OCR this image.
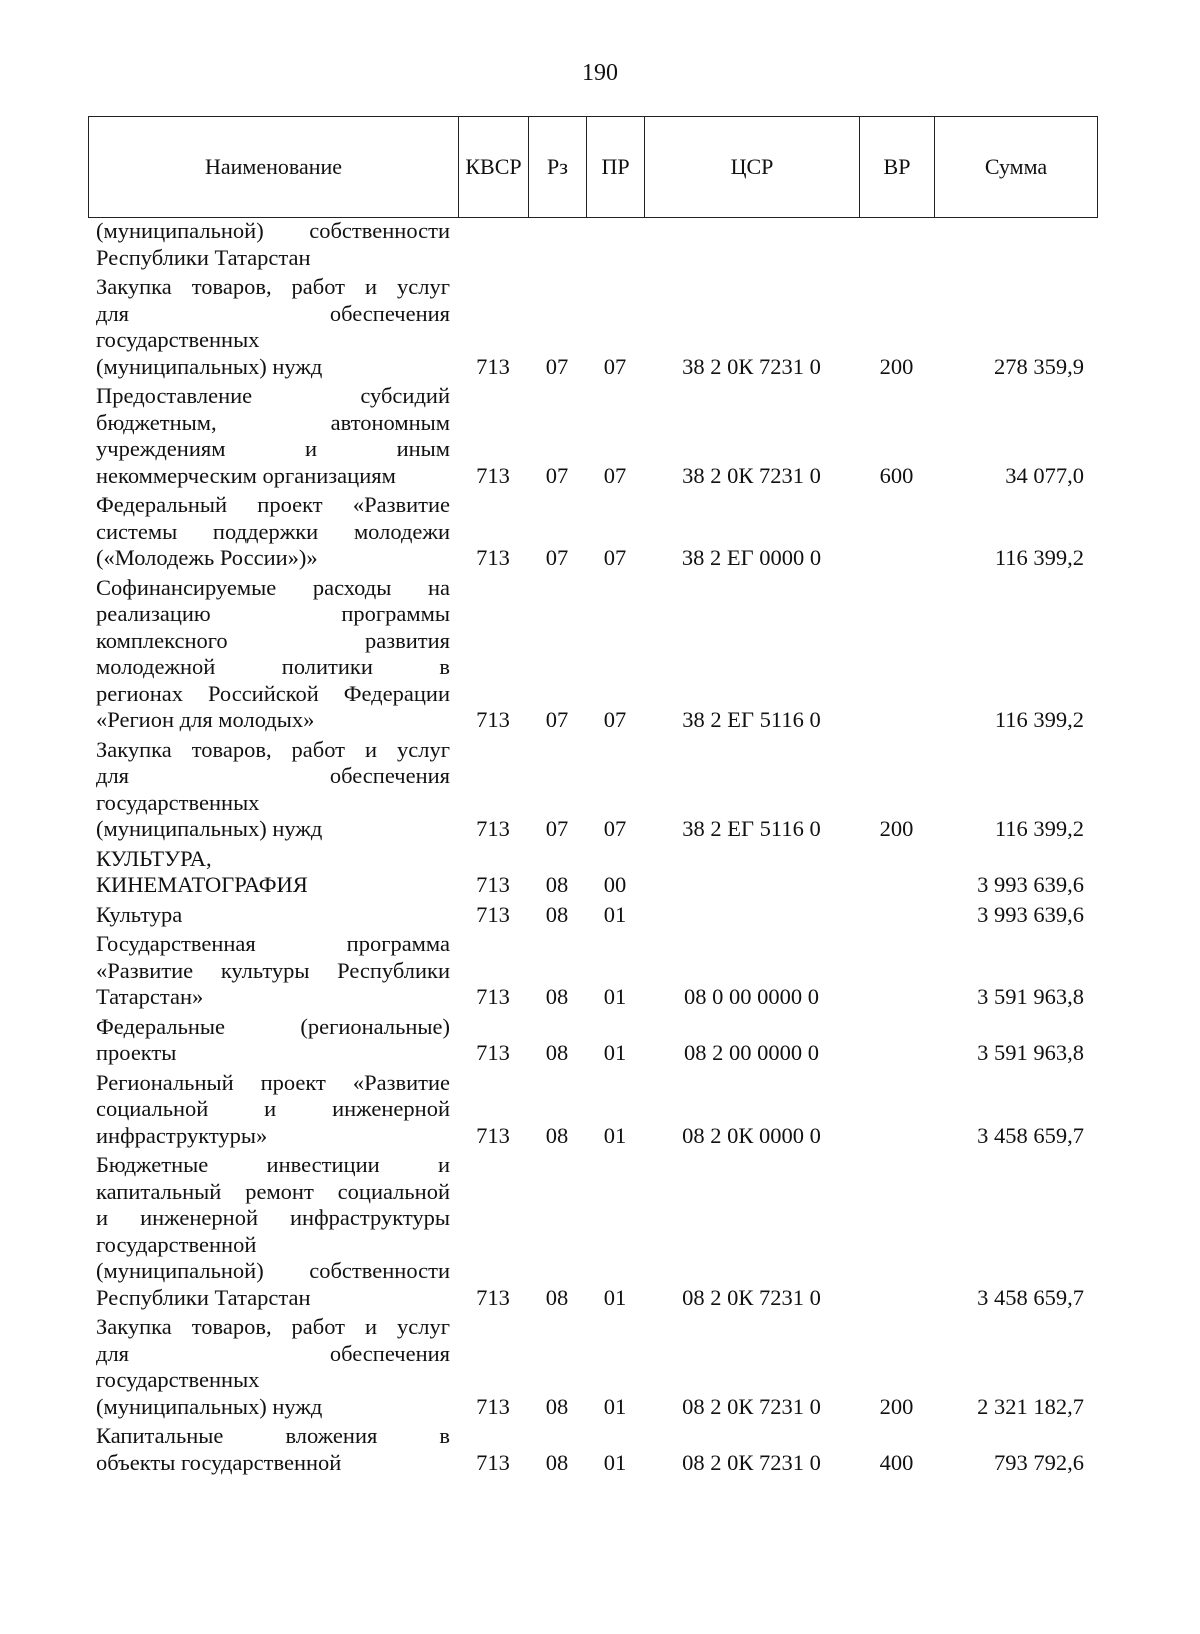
190
Наименование	КВСР	Рз	ПР	ЦСР	ВР	Сумма
(муниципальной) собственности
Республики Татарстан
Закупка товаров, работ и услуг
для	обеспечения
государственных
(муниципальных) нужд	713 07 07 38 2 0К 7231 0	200	278 359,9
Предоставление	субсидий
бюджетным,	автономным
учреждениям	и	иным
некоммерческим организациям	713 07 07 38 2 0К 7231 0	600	34 077,0
Федеральный проект «Развитие
системы поддержки молодежи
(«Молодежь России»)»	713 07 07 38 2 ЕГ 0000 0	116 399,2
Софинансируемые расходы на
реализацию	программы
комплексного	развития
молодежной	политики	в
регионах Российской Федерации
«Регион для молодых»	713 07 07 38 2 ЕГ 5116 0	116 399,2
Закупка товаров, работ и услуг
для	обеспечения
государственных
(муниципальных) нужд	713 07 07 38 2 ЕГ 5116 0	200	116 399,2
КУЛЬТУРА,
КИНЕМАТОГРАФИЯ	713 08 00	3 993 639,6
Культура	713 08 01	3 993 639,6
Государственная	программа
«Развитие культуры Республики
Татарстан»	713 08 01	08 0 00 0000 0	3 591 963,8
Федеральные	(региональные)
проекты	713 08 01	08 2 00 0000 0	3 591 963,8
Региональный проект «Развитие
социальной и инженерной
инфраструктуры»	713 08 01 08 2 0К 0000 0	3 458 659,7
Бюджетные	инвестиции	и
капитальный ремонт социальной
и инженерной инфраструктуры
государственной
(муниципальной) собственности
Республики Татарстан	713 08 01 08 2 0К 7231 0	3 458 659,7
Закупка товаров, работ и услуг
для	обеспечения
государственных
(муниципальных) нужд	713 08 01 08 2 0К 7231 0	200	2 321 182,7
Капитальные	вложения	в
объекты государственной	713 08 01 08 2 0К 7231 0	400	793 792,6
